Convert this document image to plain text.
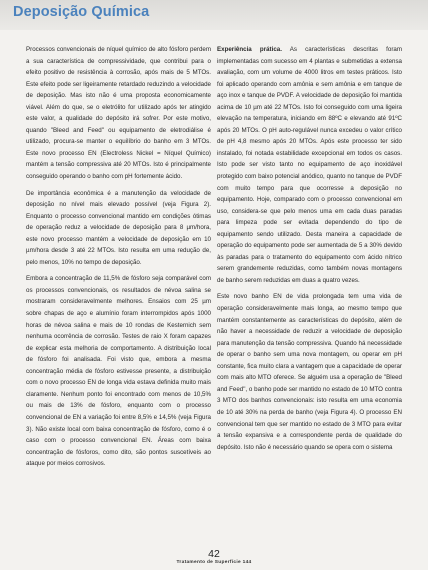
Deposição Química

Processos convencionais de níquel químico de alto fósforo perdem a sua característica de compressividade, que contribui para o efeito positivo de resistência à corrosão, após mais de 5 MTOs. Este efeito pode ser ligeiramente retardado reduzindo a velocidade de deposição. Mas isto não é uma proposta economicamente viável. Além do que, se o eletrólito for utilizado após ter atingido este valor, a qualidade do depósito irá sofrer. Por este motivo, quando "Bleed and Feed" ou equipamento de eletrodiálise é utilizado, procura-se manter o equilíbrio do banho em 3 MTOs. Este novo processo EN (Electroless Nickel = Níquel Químico) mantém a tensão compressiva até 20 MTOs. Isto é principalmente conseguido operando o banho com pH fortemente ácido.

De importância econômica é a manutenção da velocidade de deposição no nível mais elevado possível (veja Figura 2). Enquanto o processo convencional mantido em condições ótimas de operação reduz a velocidade de deposição para 8 µm/hora, este novo processo mantém a velocidade de deposição em 10 µm/hora desde 3 até 22 MTOs. Isto resulta em uma redução de, pelo menos, 10% no tempo de deposição.

Embora a concentração de 11,5% de fósforo seja comparável com os processos convencionais, os resultados de névoa salina se mostraram consideravelmente melhores. Ensaios com 25 µm sobre chapas de aço e alumínio foram interrompidos após 1000 horas de névoa salina e mais de 10 rondas de Kesternich sem nenhuma ocorrência de corrosão. Testes de raio X foram capazes de explicar esta melhoria de comportamento. A distribuição local de fósforo foi analisada. Foi visto que, embora a mesma concentração média de fósforo estivesse presente, a distribuição com o novo processo EN de longa vida estava definida muito mais claramente. Nenhum ponto foi encontrado com menos de 10,5% ou mais de 13% de fósforo, enquanto com o processo convencional de EN a variação foi entre 8,5% e 14,5% (veja Figura 3). Não existe local com baixa concentração de fósforo, como é o caso com o processo convencional EN. Áreas com baixa concentração de fósforos, como dito, são pontos suscetíveis ao ataque por meios corrosivos.

Experiência prática. As características descritas foram implementadas com sucesso em 4 plantas e submetidas a extensa avaliação, com um volume de 4000 litros em testes práticos. Isto foi aplicado operando com amônia e sem amônia e em tanque de aço inox e tanque de PVDF. A velocidade de deposição foi mantida acima de 10 µm até 22 MTOs. Isto foi conseguido com uma ligeira elevação na temperatura, iniciando em 88ºC e elevando até 91ºC após 20 MTOs. O pH auto-regulável nunca excedeu o valor crítico de pH 4,8 mesmo após 20 MTOs. Após este processo ter sido instalado, foi notada estabilidade excepcional em todos os casos. Isto pode ser visto tanto no equipamento de aço inoxidável protegido com baixo potencial anódico, quanto no tanque de PVDF com muito tempo para que ocorresse a deposição no equipamento. Hoje, comparado com o processo convencional em uso, considera-se que pelo menos uma em cada duas paradas para limpeza pode ser evitada dependendo do tipo de equipamento sendo utilizado. Desta maneira a capacidade de operação do equipamento pode ser aumentada de 5 a 30% devido às paradas para o tratamento do equipamento com ácido nítrico serem grandemente reduzidas, como também novas montagens de banho serem reduzidas em duas a quatro vezes.

Este novo banho EN de vida prolongada tem uma vida de operação consideravelmente mais longa, ao mesmo tempo que mantém constantemente as características do depósito, além de não haver a necessidade de reduzir a velocidade de deposição para manutenção da tensão compressiva. Quando há necessidade de operar o banho sem uma nova montagem, ou operar em pH constante, fica muito clara a vantagem que a capacidade de operar com mais alto MTO oferece. Se alguém usa a operação de "Bleed and Feed", o banho pode ser mantido no estado de 10 MTO contra 3 MTO dos banhos convencionais: isto resulta em uma economia de 10 até 30% na perda de banho (veja Figura 4). O processo EN convencional tem que ser mantido no estado de 3 MTO para evitar a tensão expansiva e a correspondente perda de qualidade do depósito. Isto não é necessário quando se opera com o sistema

42
Tratamento de Superfície 144
